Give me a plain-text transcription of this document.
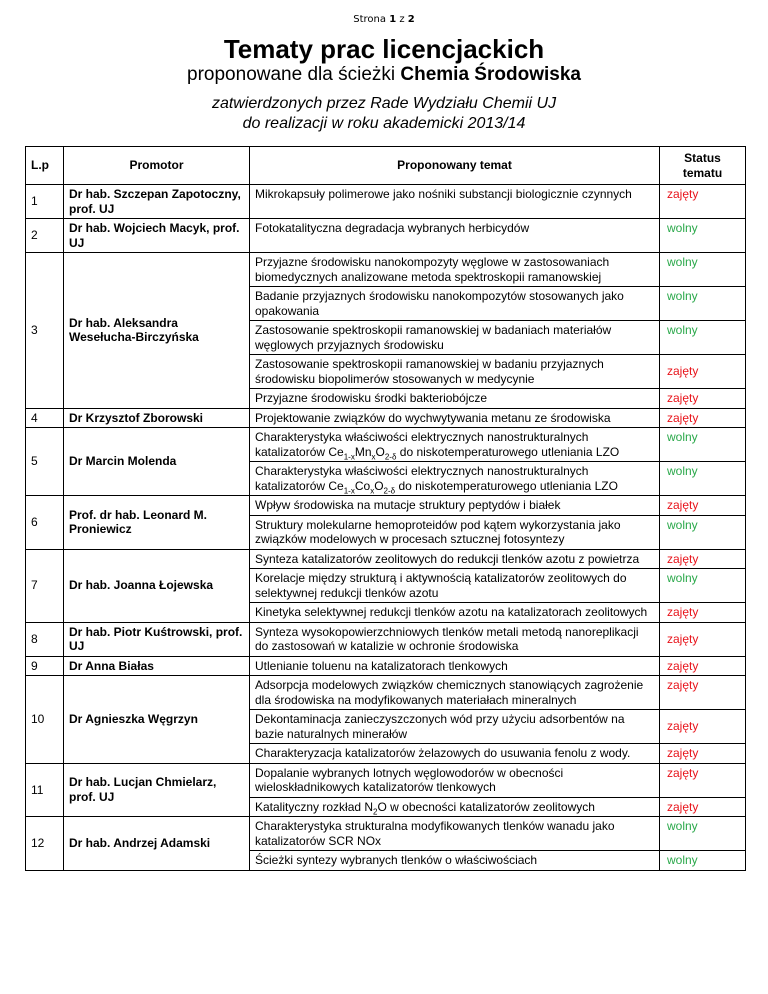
Strona 1 z 2
Tematy prac licencjackich
proponowane dla ścieżki Chemia Środowiska
zatwierdzonych przez Rade Wydziału Chemii UJ
do realizacji w roku akademicki 2013/14
L.p	Promotor	Proponowany temat	Status tematu
1	Dr hab. Szczepan Zapotoczny, prof. UJ	Mikrokapsuły polimerowe jako nośniki substancji biologicznie czynnych	zajęty
2	Dr hab. Wojciech Macyk, prof. UJ	Fotokatalityczna degradacja wybranych herbicydów	wolny
3	Dr hab. Aleksandra Wesełucha-Birczyńska	Przyjazne środowisku nanokompozyty węglowe w zastosowaniach biomedycznych analizowane metoda spektroskopii ramanowskiej	wolny
		Badanie przyjaznych środowisku nanokompozytów stosowanych jako opakowania	wolny
		Zastosowanie spektroskopii ramanowskiej w badaniach materiałów węglowych przyjaznych środowisku	wolny
		Zastosowanie spektroskopii ramanowskiej w badaniu przyjaznych środowisku biopolimerów stosowanych w medycynie	zajęty
		Przyjazne środowisku środki bakteriobójcze	zajęty
4	Dr Krzysztof Zborowski	Projektowanie związków do wychwytywania metanu ze środowiska	zajęty
5	Dr Marcin Molenda	Charakterystyka właściwości elektrycznych nanostrukturalnych katalizatorów $Ce_{1-x}Mn_xO_{2-\delta}$ do niskotemperaturowego utleniania LZO	wolny
		Charakterystyka właściwości elektrycznych nanostrukturalnych katalizatorów $Ce_{1-x}Co_xO_{2-\delta}$ do niskotemperaturowego utleniania LZO	wolny
6	Prof. dr hab. Leonard M. Proniewicz	Wpływ środowiska na mutacje struktury peptydów i białek	zajęty
		Struktury molekularne hemoproteidów pod kątem wykorzystania jako związków modelowych w procesach sztucznej fotosyntezy	wolny
7	Dr hab. Joanna Łojewska	Synteza katalizatorów zeolitowych do redukcji tlenków azotu z powietrza	zajęty
		Korelacje między strukturą i aktywnością katalizatorów zeolitowych do selektywnej redukcji tlenków azotu	wolny
		Kinetyka selektywnej redukcji tlenków azotu na katalizatorach zeolitowych	zajęty
8	Dr hab. Piotr Kuśtrowski, prof. UJ	Synteza wysokopowierzchniowych tlenków metali metodą nanoreplikacji do zastosowań w katalizie w ochronie środowiska	zajęty
9	Dr Anna Białas	Utlenianie toluenu na katalizatorach tlenkowych	zajęty
10	Dr Agnieszka Węgrzyn	Adsorpcja modelowych związków chemicznych stanowiących zagrożenie dla środowiska na modyfikowanych materiałach mineralnych	zajęty
		Dekontaminacja zanieczyszczonych wód przy użyciu adsorbentów na bazie naturalnych minerałów	zajęty
		Charakteryzacja katalizatorów żelazowych do usuwania fenolu z wody.	zajęty
11	Dr hab. Lucjan Chmielarz, prof. UJ	Dopalanie wybranych lotnych węglowodorów w obecności wieloskładnikowych katalizatorów tlenkowych	zajęty
		Katalityczny rozkład $N_2O$ w obecności katalizatorów zeolitowych	zajęty
12	Dr hab. Andrzej Adamski	Charakterystyka strukturalna modyfikowanych tlenków wanadu jako katalizatorów SCR NOx	wolny
		Ścieżki syntezy wybranych tlenków o właściwościach	wolny
